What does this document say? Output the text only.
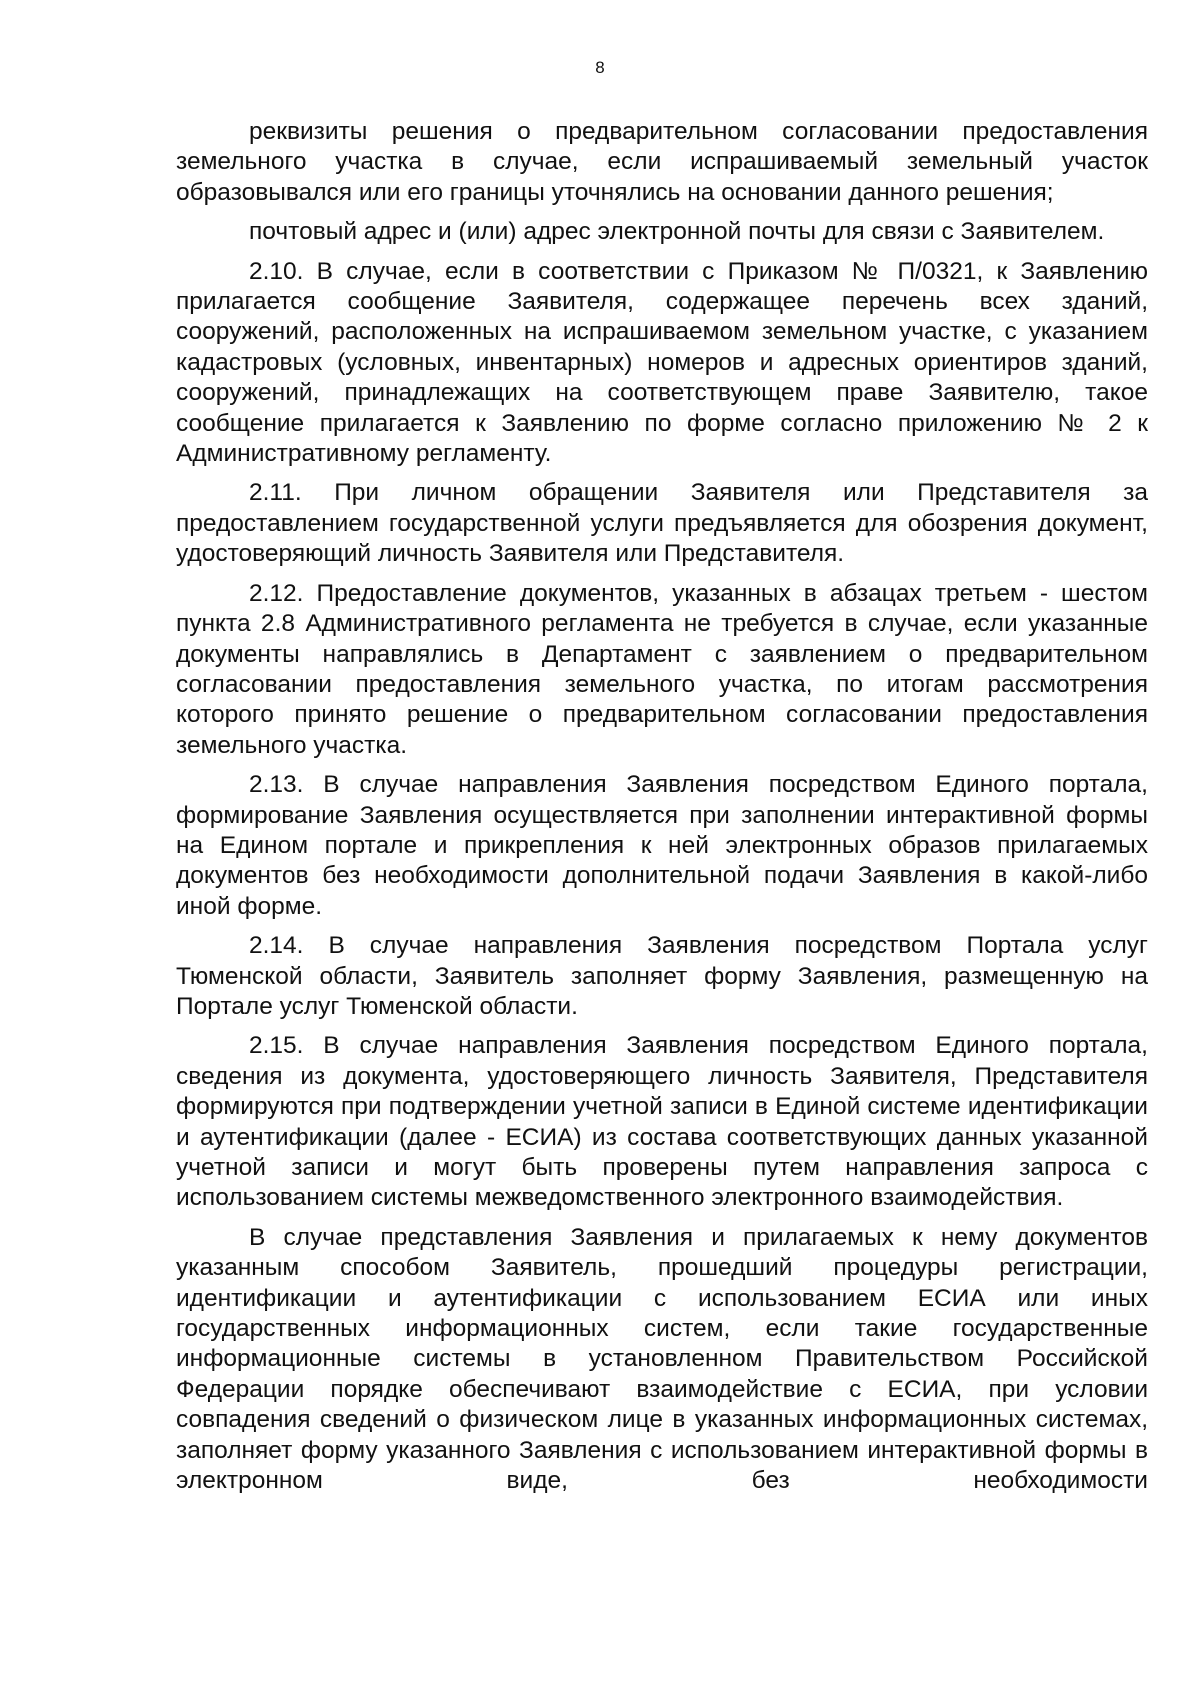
8

реквизиты решения о предварительном согласовании предоставления земельного участка в случае, если испрашиваемый земельный участок образовывался или его границы уточнялись на основании данного решения;

почтовый адрес и (или) адрес электронной почты для связи с Заявителем.

2.10. В случае, если в соответствии с Приказом № П/0321, к Заявлению прилагается сообщение Заявителя, содержащее перечень всех зданий, сооружений, расположенных на испрашиваемом земельном участке, с указанием кадастровых (условных, инвентарных) номеров и адресных ориентиров зданий, сооружений, принадлежащих на соответствующем праве Заявителю, такое сообщение прилагается к Заявлению по форме согласно приложению № 2 к Административному регламенту.

2.11. При личном обращении Заявителя или Представителя за предоставлением государственной услуги предъявляется для обозрения документ, удостоверяющий личность Заявителя или Представителя.

2.12. Предоставление документов, указанных в абзацах третьем - шестом пункта 2.8 Административного регламента не требуется в случае, если указанные документы направлялись в Департамент с заявлением о предварительном согласовании предоставления земельного участка, по итогам рассмотрения которого принято решение о предварительном согласовании предоставления земельного участка.

2.13. В случае направления Заявления посредством Единого портала, формирование Заявления осуществляется при заполнении интерактивной формы на Едином портале и прикрепления к ней электронных образов прилагаемых документов без необходимости дополнительной подачи Заявления в какой-либо иной форме.

2.14. В случае направления Заявления посредством Портала услуг Тюменской области, Заявитель заполняет форму Заявления, размещенную на Портале услуг Тюменской области.

2.15. В случае направления Заявления посредством Единого портала, сведения из документа, удостоверяющего личность Заявителя, Представителя формируются при подтверждении учетной записи в Единой системе идентификации и аутентификации (далее - ЕСИА) из состава соответствующих данных указанной учетной записи и могут быть проверены путем направления запроса с использованием системы межведомственного электронного взаимодействия.

В случае представления Заявления и прилагаемых к нему документов указанным способом Заявитель, прошедший процедуры регистрации, идентификации и аутентификации с использованием ЕСИА или иных государственных информационных систем, если такие государственные информационные системы в установленном Правительством Российской Федерации порядке обеспечивают взаимодействие с ЕСИА, при условии совпадения сведений о физическом лице в указанных информационных системах, заполняет форму указанного Заявления с использованием интерактивной формы в электронном виде, без необходимости
